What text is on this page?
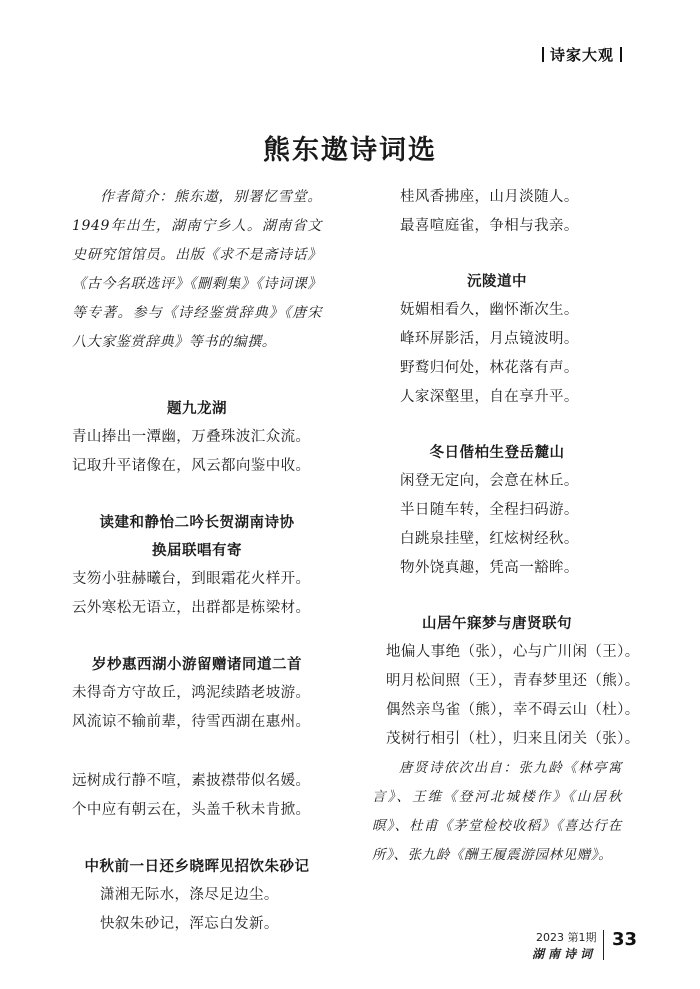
诗家大观
熊东遨诗词选

作者简介：熊东遨，别署忆雪堂。1949年出生，湖南宁乡人。湖南省文史研究馆馆员。出版《求不是斋诗话》《古今名联选评》《刪剩集》《诗词课》等专著。参与《诗经鉴赏辞典》《唐宋八大家鉴赏辞典》等书的编撰。

题九龙湖
青山捧出一潭幽，万叠珠波汇众流。
记取升平诸像在，风云都向鉴中收。
读建和静怡二吟长贺湖南诗协
换届联唱有寄
支笏小驻赫曦台，到眼霜花火样开。
云外寒松无语立，出群都是栋梁材。
岁杪惠西湖小游留赠诸同道二首
未得奇方守故丘，鸿泥续踏老坡游。
风流谅不输前辈，待雪西湖在惠州。
远树成行静不喧，素披襟带似名媛。
个中应有朝云在，头盖千秋未肯掀。
中秋前一日还乡晓晖见招饮朱砂记
潇湘无际水，涤尽足边尘。
快叙朱砂记，浑忘白发新。
桂风香拂座，山月淡随人。
最喜喧庭雀，争相与我亲。
沅陵道中
妩媚相看久，幽怀渐次生。
峰环屏影活，月点镜波明。
野鹜归何处，林花落有声。
人家深壑里，自在享升平。
冬日偕柏生登岳麓山
闲登无定向，会意在林丘。
半日随车转，全程扫码游。
白跳泉挂壁，红炫树经秋。
物外饶真趣，凭高一豁眸。
山居午寐梦与唐贤联句
地偏人事绝（张），心与广川闲（王）。
明月松间照（王），青春梦里还（熊）。
偶然亲鸟雀（熊），幸不碍云山（杜）。
茂树行相引（杜），归来且闭关（张）。

唐贤诗依次出自：张九龄《林亭寓言》、王维《登河北城楼作》《山居秋暝》、杜甫《茅堂检校收稻》《喜达行在所》、张九龄《酬王履震游园林见赠》。

2023 第1期
湖南诗词
33
